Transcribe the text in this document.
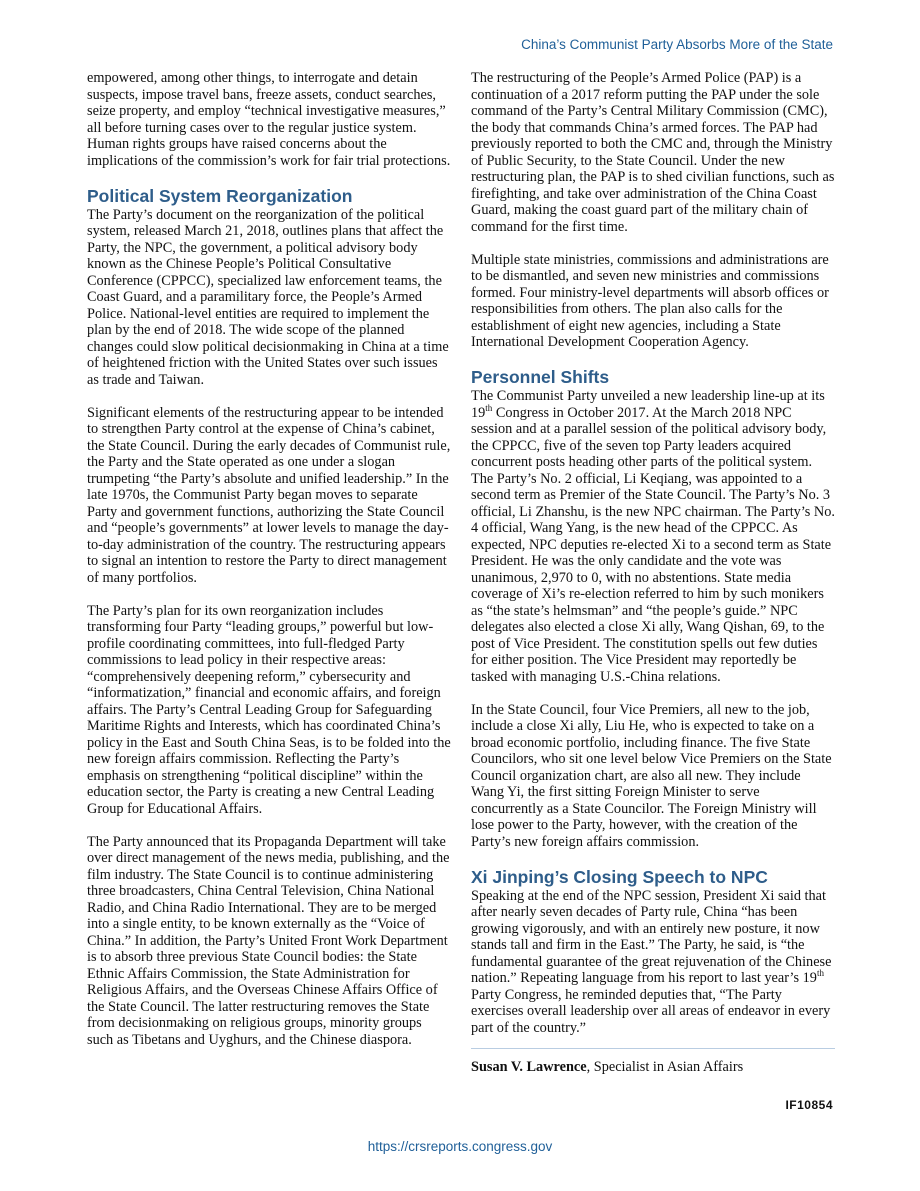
China’s Communist Party Absorbs More of the State

empowered, among other things, to interrogate and detain suspects, impose travel bans, freeze assets, conduct searches, seize property, and employ “technical investigative measures,” all before turning cases over to the regular justice system. Human rights groups have raised concerns about the implications of the commission’s work for fair trial protections.

Political System Reorganization

The Party’s document on the reorganization of the political system, released March 21, 2018, outlines plans that affect the Party, the NPC, the government, a political advisory body known as the Chinese People’s Political Consultative Conference (CPPCC), specialized law enforcement teams, the Coast Guard, and a paramilitary force, the People’s Armed Police. National-level entities are required to implement the plan by the end of 2018. The wide scope of the planned changes could slow political decisionmaking in China at a time of heightened friction with the United States over such issues as trade and Taiwan.

Significant elements of the restructuring appear to be intended to strengthen Party control at the expense of China’s cabinet, the State Council. During the early decades of Communist rule, the Party and the State operated as one under a slogan trumpeting “the Party’s absolute and unified leadership.” In the late 1970s, the Communist Party began moves to separate Party and government functions, authorizing the State Council and “people’s governments” at lower levels to manage the day-to-day administration of the country. The restructuring appears to signal an intention to restore the Party to direct management of many portfolios.

The Party’s plan for its own reorganization includes transforming four Party “leading groups,” powerful but low-profile coordinating committees, into full-fledged Party commissions to lead policy in their respective areas: “comprehensively deepening reform,” cybersecurity and “informatization,” financial and economic affairs, and foreign affairs. The Party’s Central Leading Group for Safeguarding Maritime Rights and Interests, which has coordinated China’s policy in the East and South China Seas, is to be folded into the new foreign affairs commission. Reflecting the Party’s emphasis on strengthening “political discipline” within the education sector, the Party is creating a new Central Leading Group for Educational Affairs.

The Party announced that its Propaganda Department will take over direct management of the news media, publishing, and the film industry. The State Council is to continue administering three broadcasters, China Central Television, China National Radio, and China Radio International. They are to be merged into a single entity, to be known externally as the “Voice of China.” In addition, the Party’s United Front Work Department is to absorb three previous State Council bodies: the State Ethnic Affairs Commission, the State Administration for Religious Affairs, and the Overseas Chinese Affairs Office of the State Council. The latter restructuring removes the State from decisionmaking on religious groups, minority groups such as Tibetans and Uyghurs, and the Chinese diaspora.

The restructuring of the People’s Armed Police (PAP) is a continuation of a 2017 reform putting the PAP under the sole command of the Party’s Central Military Commission (CMC), the body that commands China’s armed forces. The PAP had previously reported to both the CMC and, through the Ministry of Public Security, to the State Council. Under the new restructuring plan, the PAP is to shed civilian functions, such as firefighting, and take over administration of the China Coast Guard, making the coast guard part of the military chain of command for the first time.

Multiple state ministries, commissions and administrations are to be dismantled, and seven new ministries and commissions formed. Four ministry-level departments will absorb offices or responsibilities from others. The plan also calls for the establishment of eight new agencies, including a State International Development Cooperation Agency.

Personnel Shifts

The Communist Party unveiled a new leadership line-up at its 19th Congress in October 2017. At the March 2018 NPC session and at a parallel session of the political advisory body, the CPPCC, five of the seven top Party leaders acquired concurrent posts heading other parts of the political system. The Party’s No. 2 official, Li Keqiang, was appointed to a second term as Premier of the State Council. The Party’s No. 3 official, Li Zhanshu, is the new NPC chairman. The Party’s No. 4 official, Wang Yang, is the new head of the CPPCC. As expected, NPC deputies re-elected Xi to a second term as State President. He was the only candidate and the vote was unanimous, 2,970 to 0, with no abstentions. State media coverage of Xi’s re-election referred to him by such monikers as “the state’s helmsman” and “the people’s guide.” NPC delegates also elected a close Xi ally, Wang Qishan, 69, to the post of Vice President. The constitution spells out few duties for either position. The Vice President may reportedly be tasked with managing U.S.-China relations.

In the State Council, four Vice Premiers, all new to the job, include a close Xi ally, Liu He, who is expected to take on a broad economic portfolio, including finance. The five State Councilors, who sit one level below Vice Premiers on the State Council organization chart, are also all new. They include Wang Yi, the first sitting Foreign Minister to serve concurrently as a State Councilor. The Foreign Ministry will lose power to the Party, however, with the creation of the Party’s new foreign affairs commission.

Xi Jinping’s Closing Speech to NPC

Speaking at the end of the NPC session, President Xi said that after nearly seven decades of Party rule, China “has been growing vigorously, and with an entirely new posture, it now stands tall and firm in the East.” The Party, he said, is “the fundamental guarantee of the great rejuvenation of the Chinese nation.” Repeating language from his report to last year’s 19th Party Congress, he reminded deputies that, “The Party exercises overall leadership over all areas of endeavor in every part of the country.”

Susan V. Lawrence, Specialist in Asian Affairs

IF10854
https://crsreports.congress.gov
